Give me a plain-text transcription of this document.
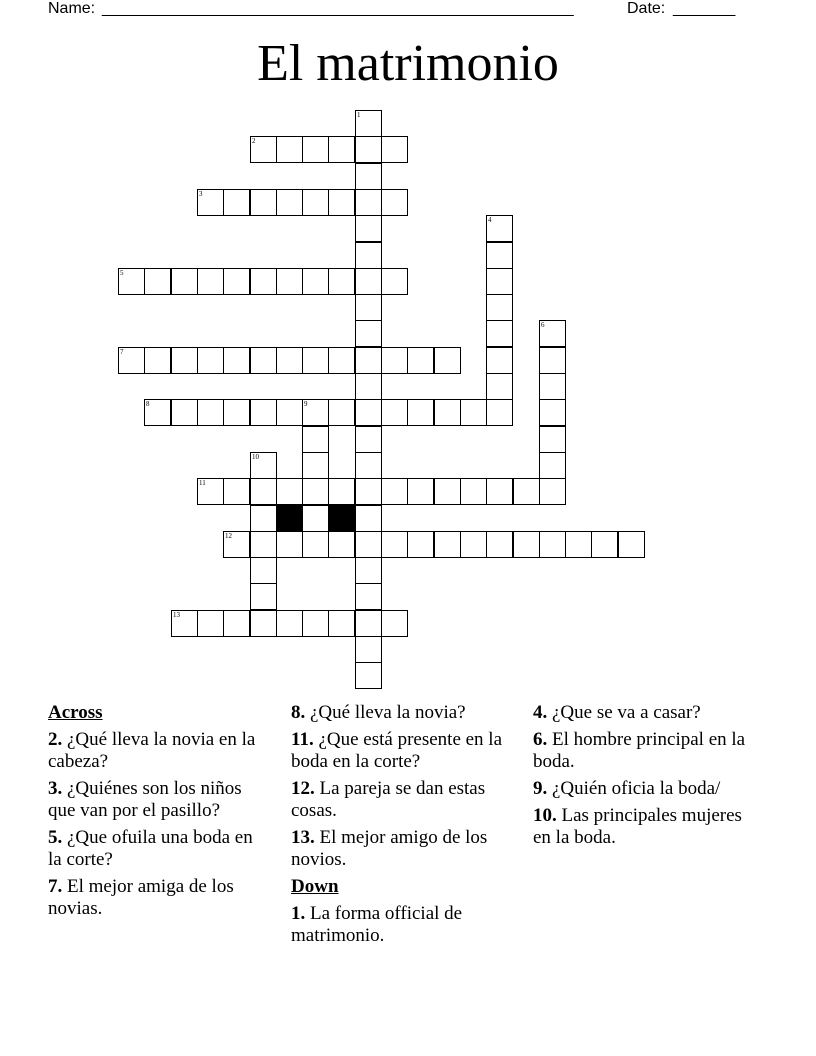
Name: _____________________________________________________	Date: _______
El matrimonio
2
3
5
7
8	9
11
12
13
1
4
6
10
Across
2. ¿Qué lleva la novia en la cabeza?
3. ¿Quiénes son los niños que van por el pasillo?
5. ¿Que ofuila una boda en la corte?
7. El mejor amiga de los novias.
8. ¿Qué lleva la novia?
11. ¿Que está presente en la boda en la corte?
12. La pareja se dan estas cosas.
13. El mejor amigo de los novios.
Down
1. La forma official de matrimonio.
4. ¿Que se va a casar?
6. El hombre principal en la boda.
9. ¿Quién oficia la boda/
10. Las principales mujeres en la boda.
